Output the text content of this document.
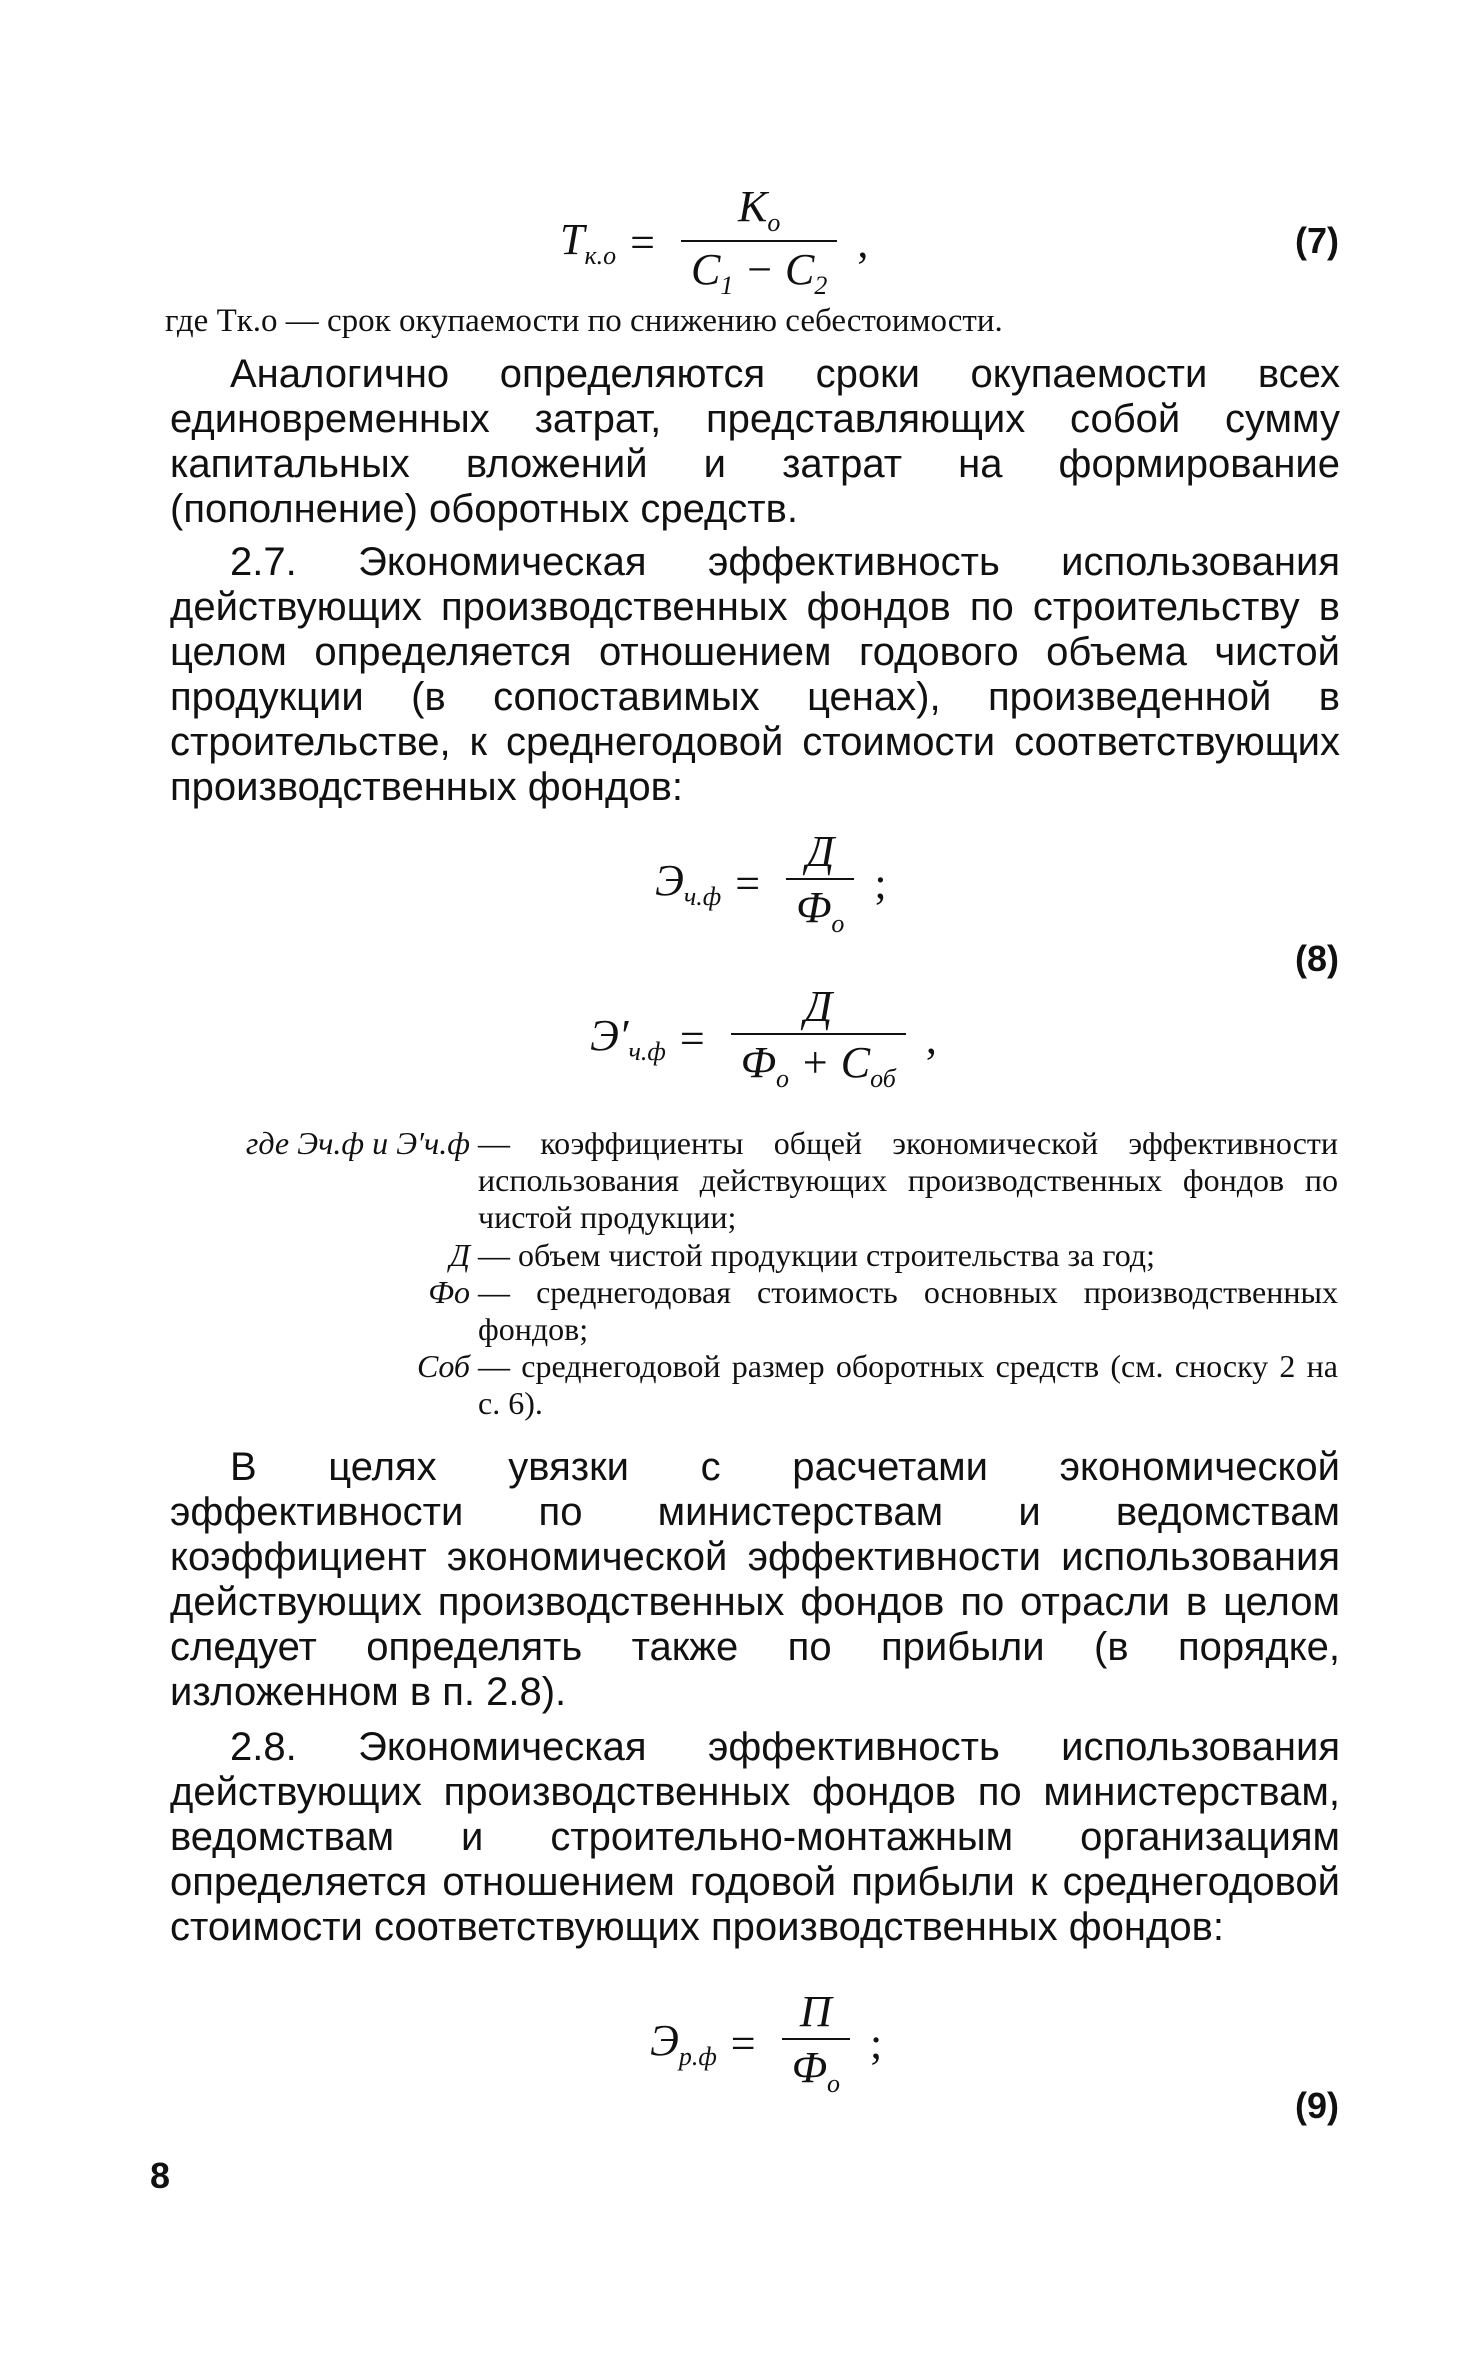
$T_{к.о} = \frac{K_о}{C_1 - C_2}$ ,	(7)
где Tк.о — срок окупаемости по снижению себестоимости.
Аналогично определяются сроки окупаемости всех единовременных затрат, представляющих собой сумму капитальных вложений и затрат на формирование (пополнение) оборотных средств.
2.7. Экономическая эффективность использования действующих производственных фондов по строительству в целом определяется отношением годового объема чистой продукции (в сопоставимых ценах), произведенной в строительстве, к среднегодовой стоимости соответствующих производственных фондов:
$Э_{ч.ф} = \frac{Д}{Ф_о}$ ;
(8)
$Э'_{ч.ф} = \frac{Д}{Ф_о + C_{об}}$ ,
где Эч.ф и Э′ч.ф — коэффициенты общей экономической эффективности использования действующих производственных фондов по чистой продукции;
Д — объем чистой продукции строительства за год;
Фо — среднегодовая стоимость основных производственных фондов;
Cоб — среднегодовой размер оборотных средств (см. сноску 2 на с. 6).
В целях увязки с расчетами экономической эффективности по министерствам и ведомствам коэффициент экономической эффективности использования действующих производственных фондов по отрасли в целом следует определять также по прибыли (в порядке, изложенном в п. 2.8).
2.8. Экономическая эффективность использования действующих производственных фондов по министерствам, ведомствам и строительно-монтажным организациям определяется отношением годовой прибыли к среднегодовой стоимости соответствующих производственных фондов:
8
$Э_{р.ф} = \frac{П}{Ф_о}$ ;
(9)
